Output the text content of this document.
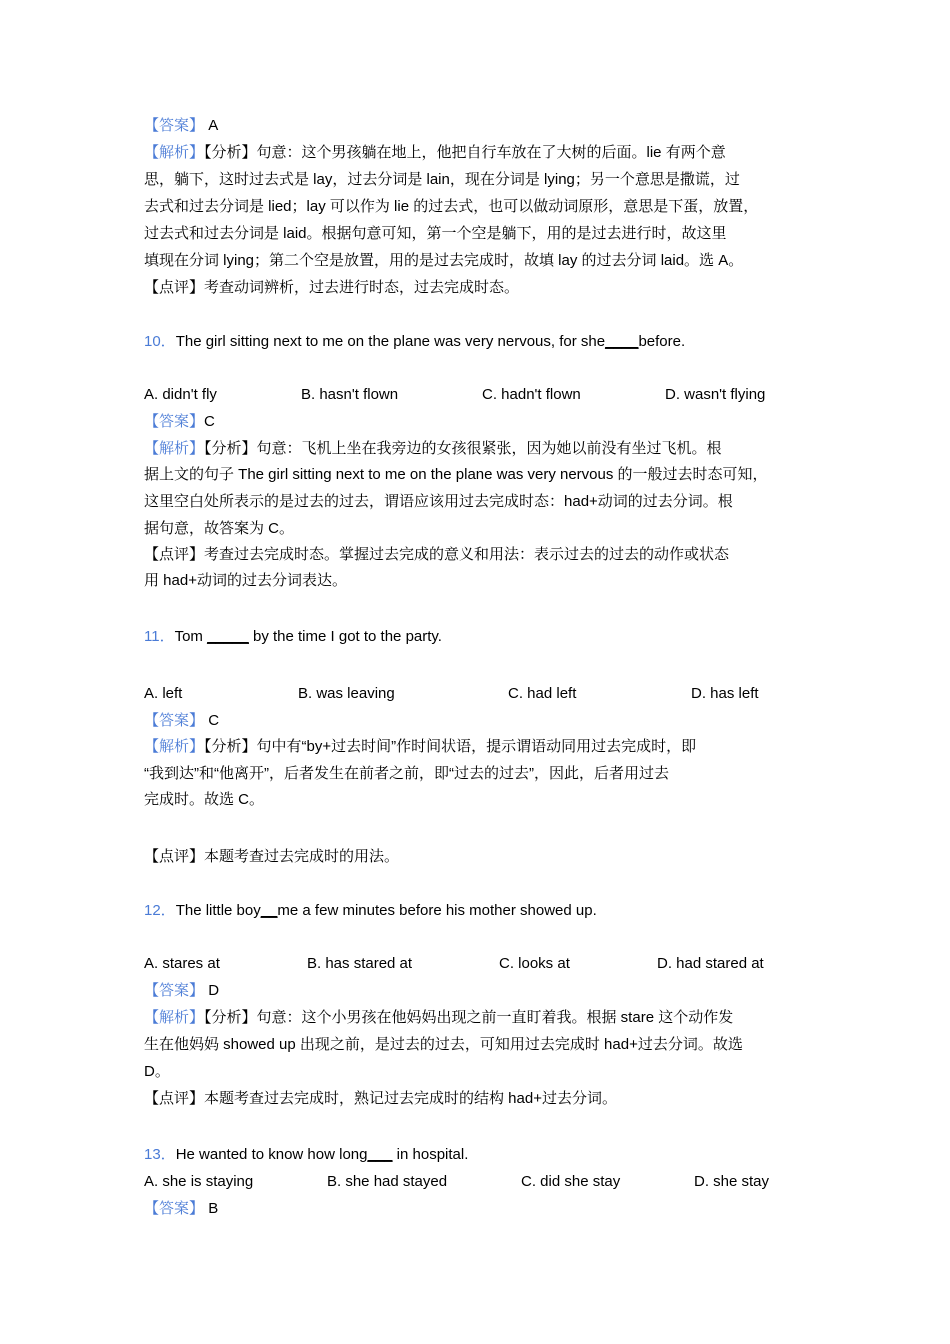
【答案】 A
【解析】【分析】句意：这个男孩躺在地上，他把自行车放在了大树的后面。lie 有两个意
思，躺下，这时过去式是 lay，过去分词是 lain，现在分词是 lying；另一个意思是撒谎，过
去式和过去分词是 lied；lay 可以作为 lie 的过去式，也可以做动词原形，意思是下蛋，放置，
过去式和过去分词是 laid。根据句意可知，第一个空是躺下，用的是过去进行时，故这里
填现在分词 lying；第二个空是放置，用的是过去完成时，故填 lay 的过去分词 laid。选 A。
【点评】考查动词辨析，过去进行时态，过去完成时态。
10．The girl sitting next to me on the plane was very nervous, for she____before.
A. didn't fly	B. hasn't flown	C. hadn't flown	D. wasn't flying
【答案】C
【解析】【分析】句意：飞机上坐在我旁边的女孩很紧张，因为她以前没有坐过飞机。根
据上文的句子 The girl sitting next to me on the plane was very nervous 的一般过去时态可知，
这里空白处所表示的是过去的过去，谓语应该用过去完成时态：had+动词的过去分词。根
据句意，故答案为 C。
【点评】考查过去完成时态。掌握过去完成的意义和用法：表示过去的过去的动作或状态
用 had+动词的过去分词表达。
11．Tom _____ by the time I got to the party.
A. left	B. was leaving	C. had left	D. has left
【答案】 C
【解析】【分析】句中有“by+过去时间”作时间状语，提示谓语动同用过去完成时，即
“我到达”和“他离开”，后者发生在前者之前，即“过去的过去”，因此，后者用过去
完成时。故选 C。
【点评】本题考查过去完成时的用法。
12．The little boy__me a few minutes before his mother showed up.
A. stares at	B. has stared at	C. looks at	D. had stared at
【答案】 D
【解析】【分析】句意：这个小男孩在他妈妈出现之前一直盯着我。根据 stare 这个动作发
生在他妈妈 showed up 出现之前，是过去的过去，可知用过去完成时 had+过去分词。故选
D。
【点评】本题考查过去完成时，熟记过去完成时的结构 had+过去分词。
13．He wanted to know how long___ in hospital.
A. she is staying	B. she had stayed	C. did she stay	D. she stay
【答案】 B
